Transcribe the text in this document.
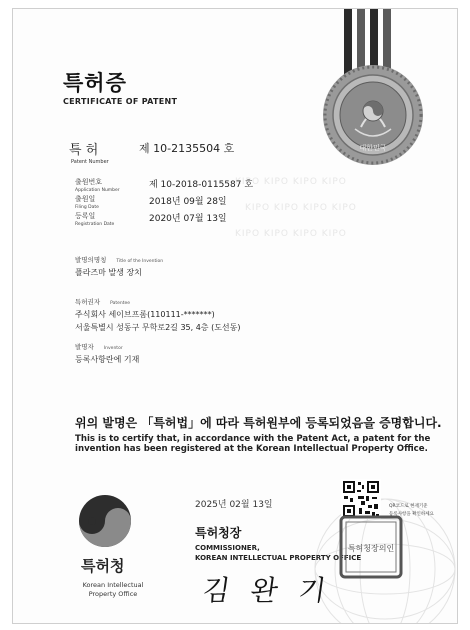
KIPO KIPO KIPO KIPO
KIPO KIPO KIPO KIPO
KIPO KIPO KIPO KIPO
대한민국
특허증
CERTIFICATE OF PATENT
특 허
Patent Number
제 10-2135504 호
출원번호
Application Number
제 10-2018-0115587 호
출원일
Filing Date
2018년 09월 28일
등록일
Registration Date
2020년 07월 13일
발명의명칭 Title of the Invention
플라즈마 발생 장치
특허권자 Patentee
주식회사 세이브프롬(110111-*******)
서울특별시 성동구 무학로2길 35, 4층 (도선동)
발명자 Inventor
등록사항란에 기재
위의 발명은 「특허법」에 따라 특허원부에 등록되었음을 증명합니다.
This is to certify that, in accordance with the Patent Act, a patent for the invention has been registered at the Korean Intellectual Property Office.
2025년 02월 13일	QR코드로 현재기준
등록사항을 확인하세요
특허청장
COMMISSIONER,
KOREAN INTELLECTUAL PROPERTY OFFICE
특허청장의인
특허청
Korean Intellectual
Property Office	김 완 기
